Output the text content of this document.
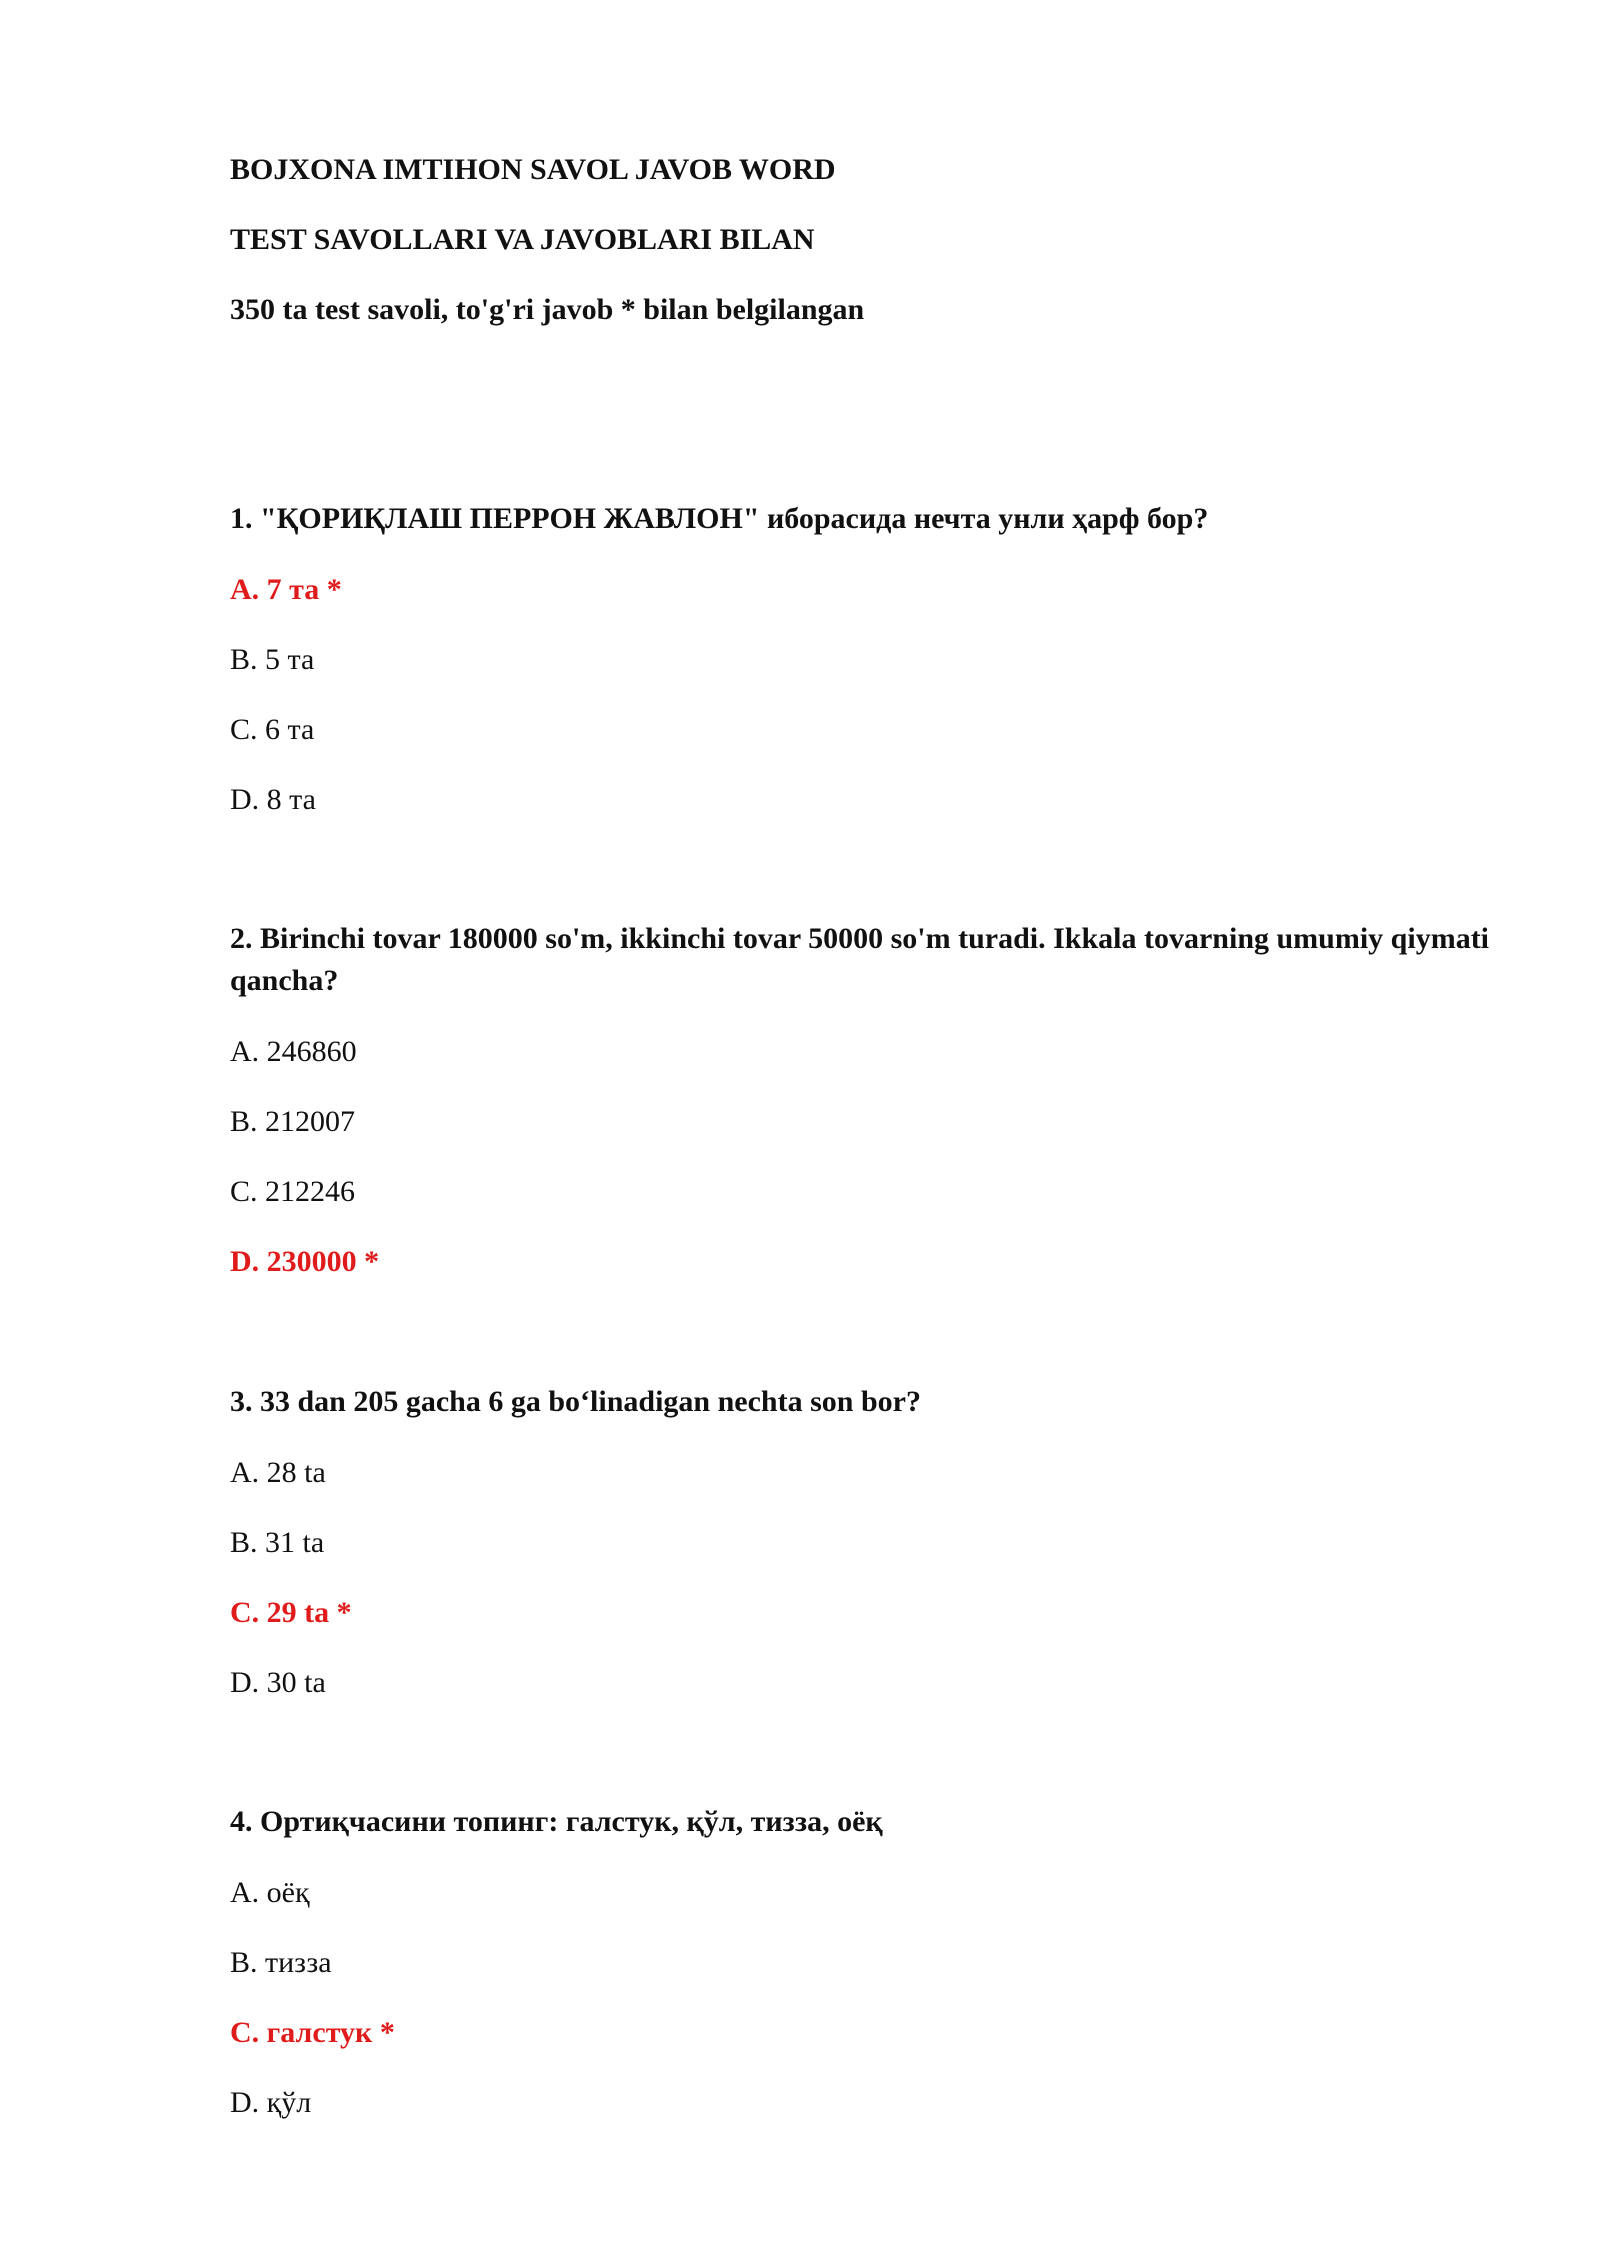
BOJXONA IMTIHON SAVOL JAVOB WORD
TEST SAVOLLARI VA JAVOBLARI BILAN
350 ta test savoli, to'g'ri javob * bilan belgilangan
1. "ҚОРИҚЛАШ ПЕРРОН ЖАВЛОН" иборасида нечта унли ҳарф бор?
A. 7 та *
B. 5 та
C. 6 та
D. 8 та
2. Birinchi tovar 180000 so'm, ikkinchi tovar 50000 so'm turadi. Ikkala tovarning umumiy qiymati qancha?
A. 246860
B. 212007
C. 212246
D. 230000 *
3. 33 dan 205 gacha 6 ga bo‘linadigan nechta son bor?
A. 28 ta
B. 31 ta
C. 29 ta *
D. 30 ta
4. Ортиқчасини топинг: галстук, қўл, тизза, оёқ
A. оёқ
B. тизза
C. галстук *
D. қўл
